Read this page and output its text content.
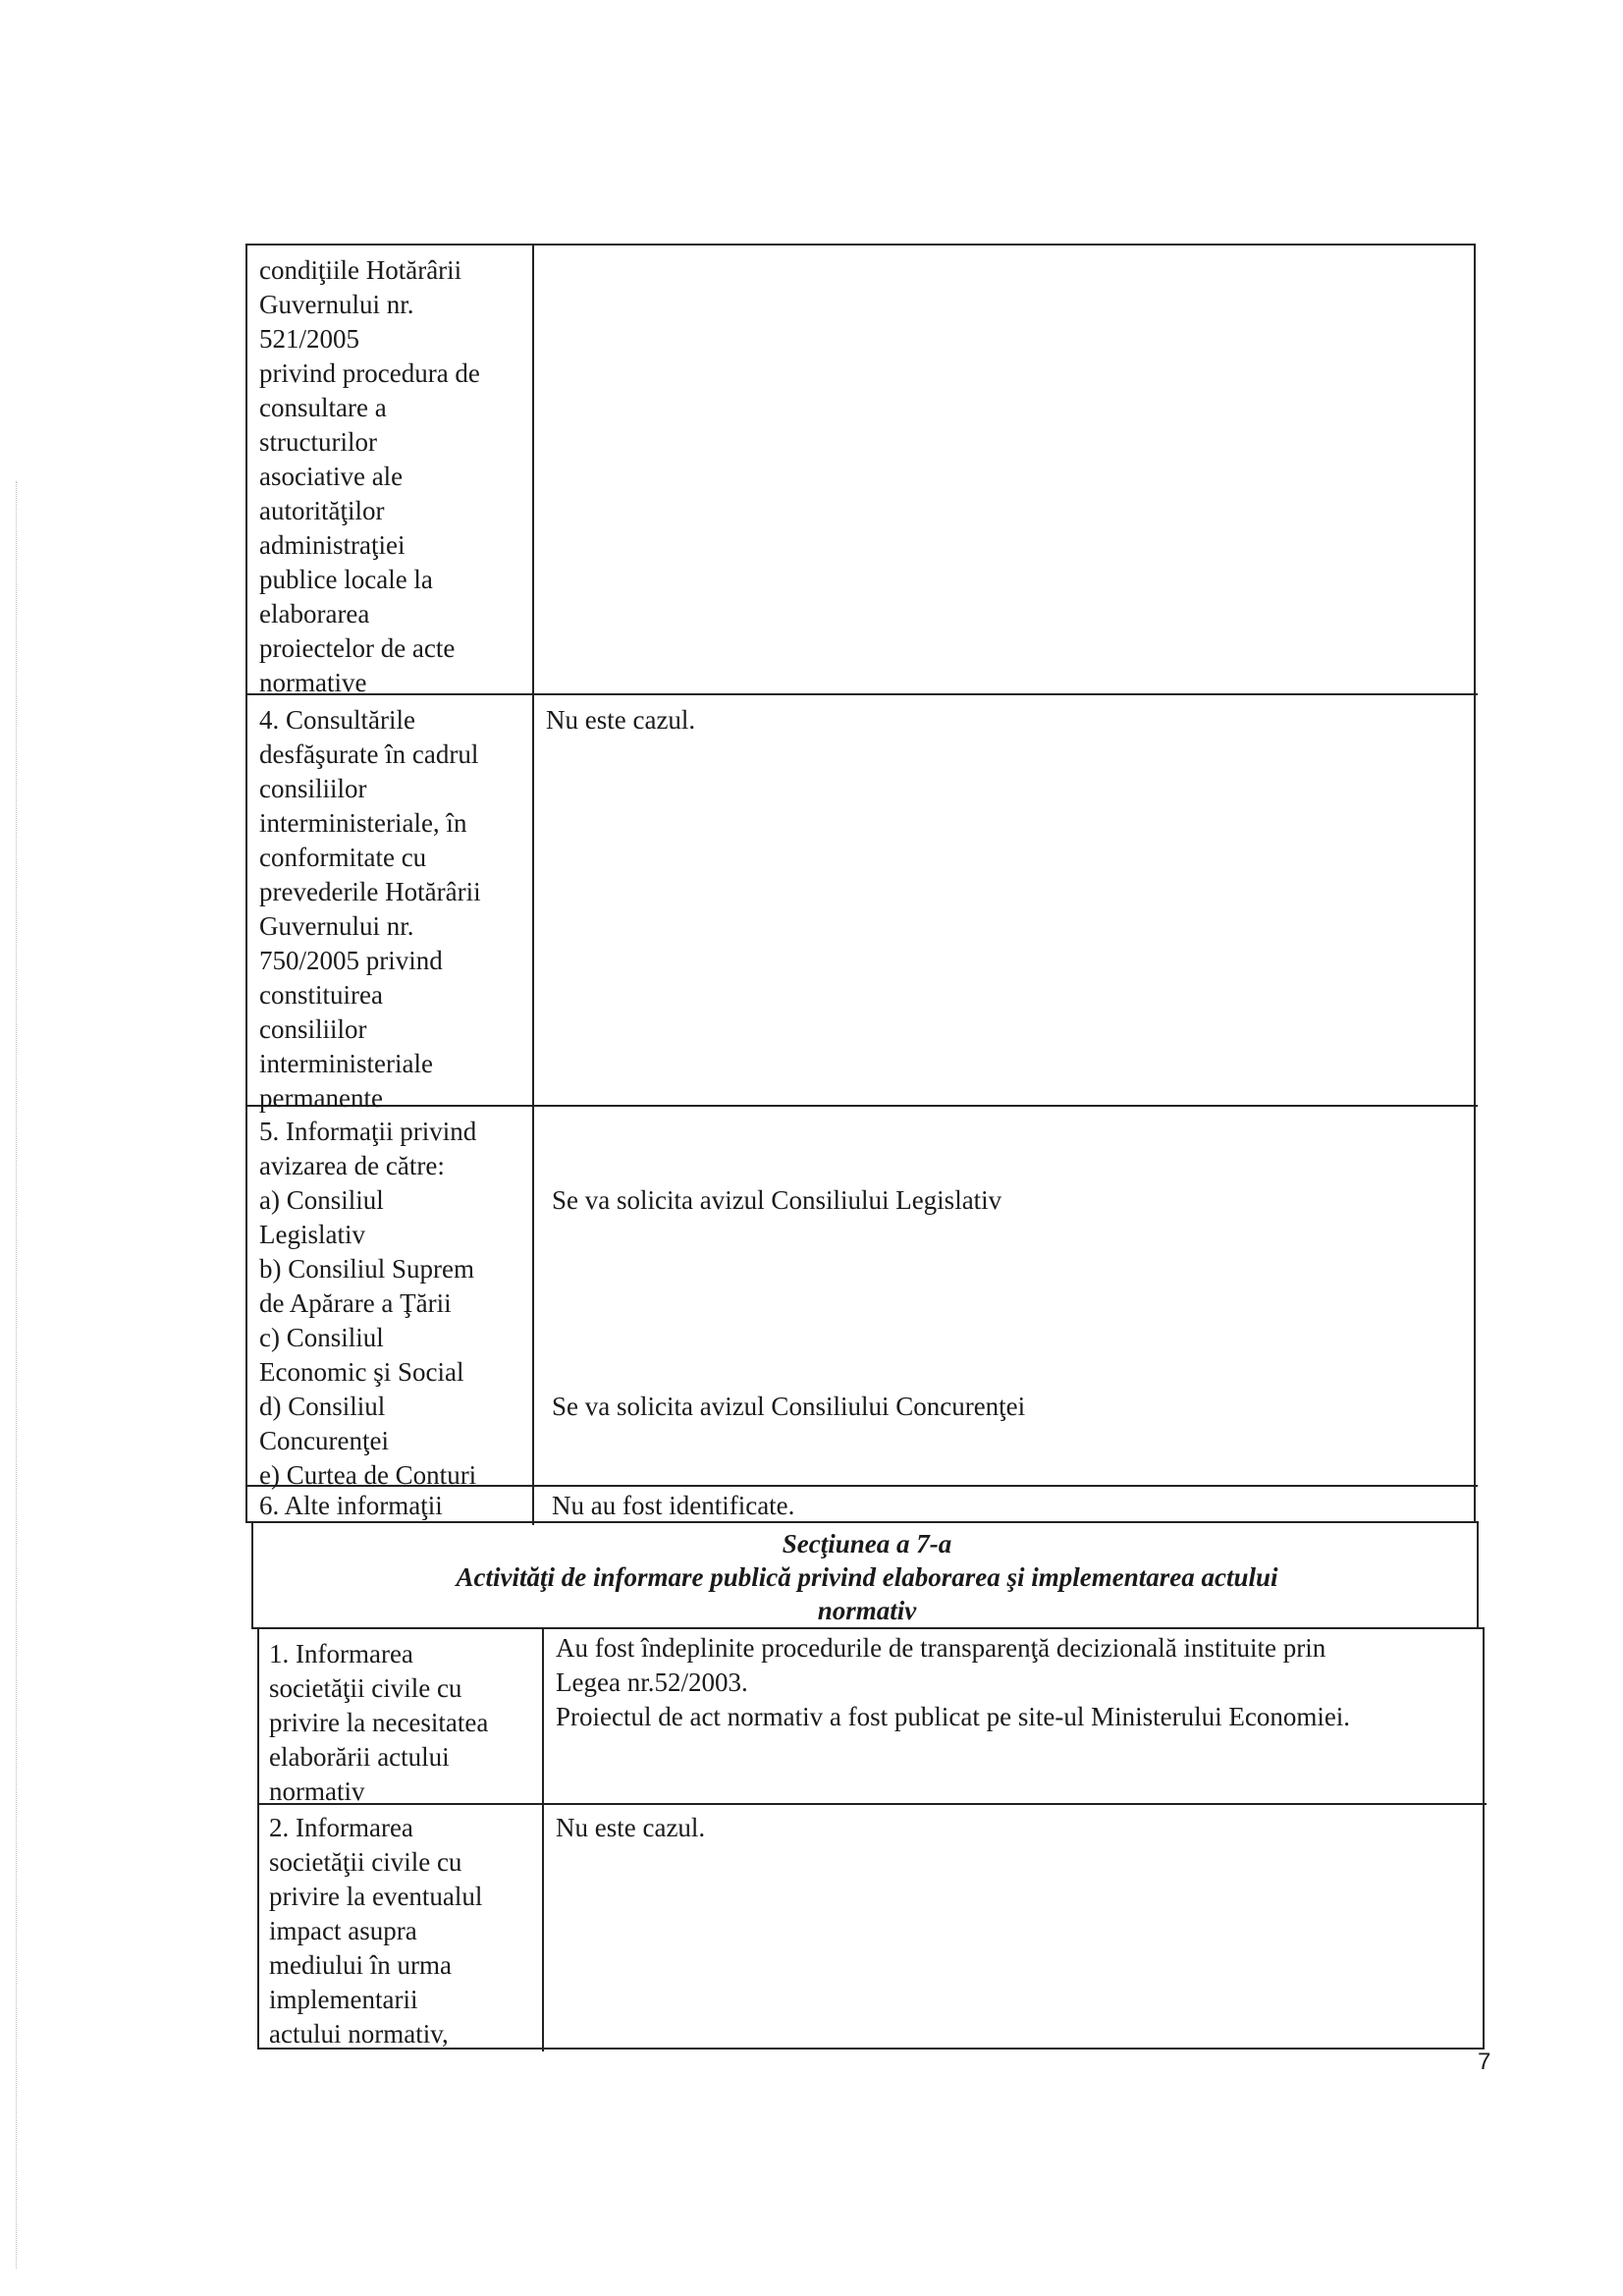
condiţiile Hotărârii
Guvernului nr.
521/2005
privind procedura de
consultare a
structurilor
asociative ale
autorităţilor
administraţiei
publice locale la
elaborarea
proiectelor de acte
normative
4. Consultările
desfăşurate în cadrul
consiliilor
interministeriale, în
conformitate cu
prevederile Hotărârii
Guvernului nr.
750/2005 privind
constituirea
consiliilor
interministeriale
permanente
Nu este cazul.
5. Informaţii privind
avizarea de către:
a) Consiliul
Legislativ
b) Consiliul Suprem
de Apărare a Ţării
c) Consiliul
Economic şi Social
d) Consiliul
Concurenţei
e) Curtea de Conturi
Se va solicita avizul Consiliului Legislativ
Se va solicita avizul Consiliului Concurenţei
6. Alte informaţii	Nu au fost identificate.
Secţiunea a 7-a
Activităţi de informare publică privind elaborarea şi implementarea actului
normativ
1. Informarea
societăţii civile cu
privire la necesitatea
elaborării actului
normativ
Au fost îndeplinite procedurile de transparenţă decizională instituite prin
Legea nr.52/2003.
Proiectul de act normativ a fost publicat pe site-ul Ministerului Economiei.
2. Informarea
societăţii civile cu
privire la eventualul
impact asupra
mediului în urma
implementarii
actului normativ,
Nu este cazul.
7
